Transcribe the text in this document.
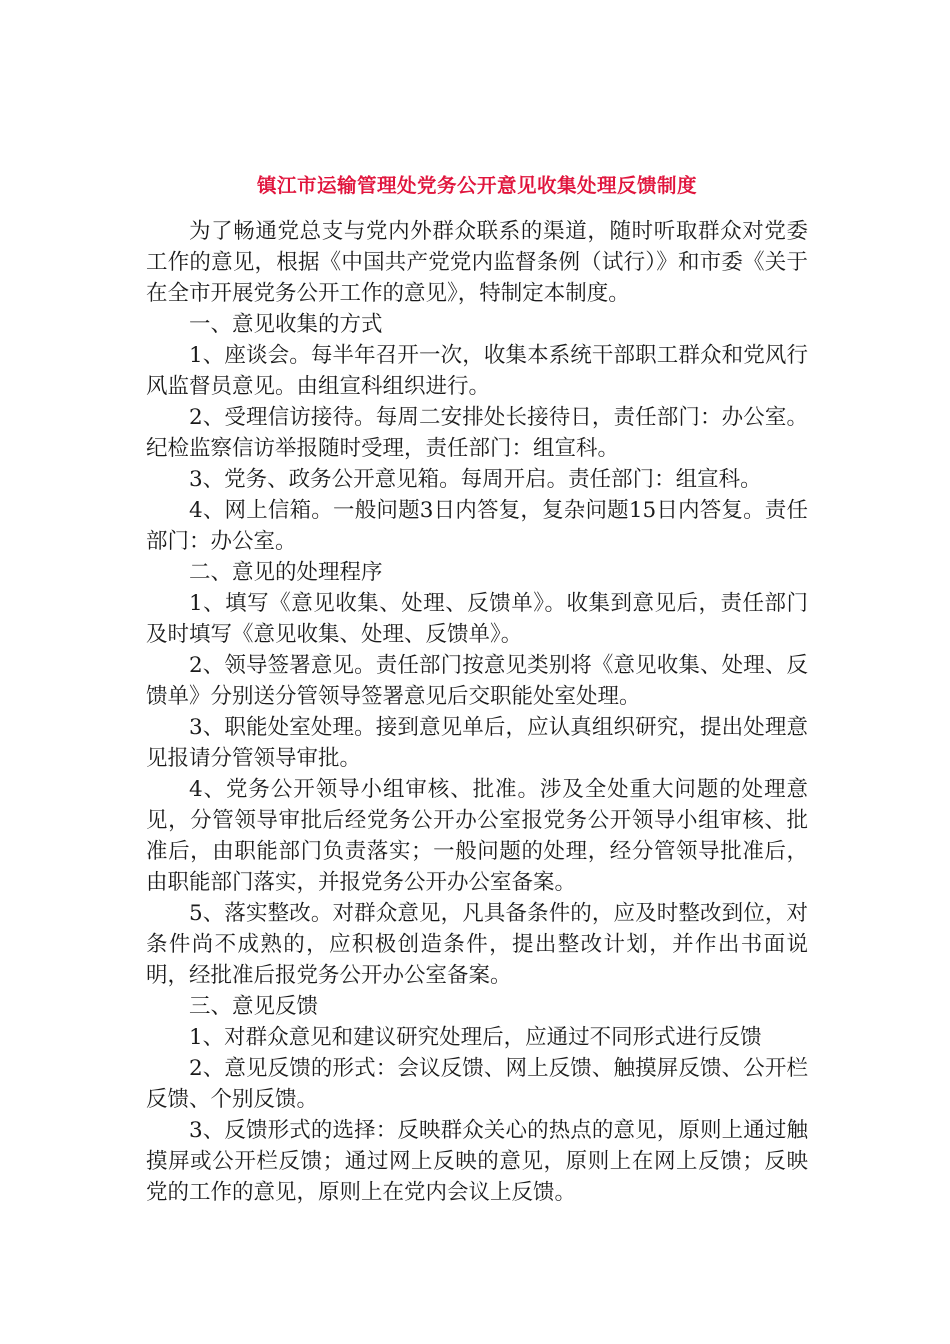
镇江市运输管理处党务公开意见收集处理反馈制度

为了畅通党总支与党内外群众联系的渠道，随时听取群众对党委工作的意见，根据《中国共产党党内监督条例（试行）》和市委《关于在全市开展党务公开工作的意见》，特制定本制度。

一、意见收集的方式

1、座谈会。每半年召开一次，收集本系统干部职工群众和党风行风监督员意见。由组宣科组织进行。

2、受理信访接待。每周二安排处长接待日，责任部门：办公室。纪检监察信访举报随时受理，责任部门：组宣科。

3、党务、政务公开意见箱。每周开启。责任部门：组宣科。

4、网上信箱。一般问题3日内答复，复杂问题15日内答复。责任部门：办公室。

二、意见的处理程序

1、填写《意见收集、处理、反馈单》。收集到意见后，责任部门及时填写《意见收集、处理、反馈单》。

2、领导签署意见。责任部门按意见类别将《意见收集、处理、反馈单》分别送分管领导签署意见后交职能处室处理。

3、职能处室处理。接到意见单后，应认真组织研究，提出处理意见报请分管领导审批。

4、党务公开领导小组审核、批准。涉及全处重大问题的处理意见，分管领导审批后经党务公开办公室报党务公开领导小组审核、批准后，由职能部门负责落实；一般问题的处理，经分管领导批准后，由职能部门落实，并报党务公开办公室备案。

5、落实整改。对群众意见，凡具备条件的，应及时整改到位，对条件尚不成熟的，应积极创造条件，提出整改计划，并作出书面说明，经批准后报党务公开办公室备案。

三、意见反馈

1、对群众意见和建议研究处理后，应通过不同形式进行反馈

2、意见反馈的形式：会议反馈、网上反馈、触摸屏反馈、公开栏反馈、个别反馈。

3、反馈形式的选择：反映群众关心的热点的意见，原则上通过触摸屏或公开栏反馈；通过网上反映的意见，原则上在网上反馈；反映党的工作的意见，原则上在党内会议上反馈。
